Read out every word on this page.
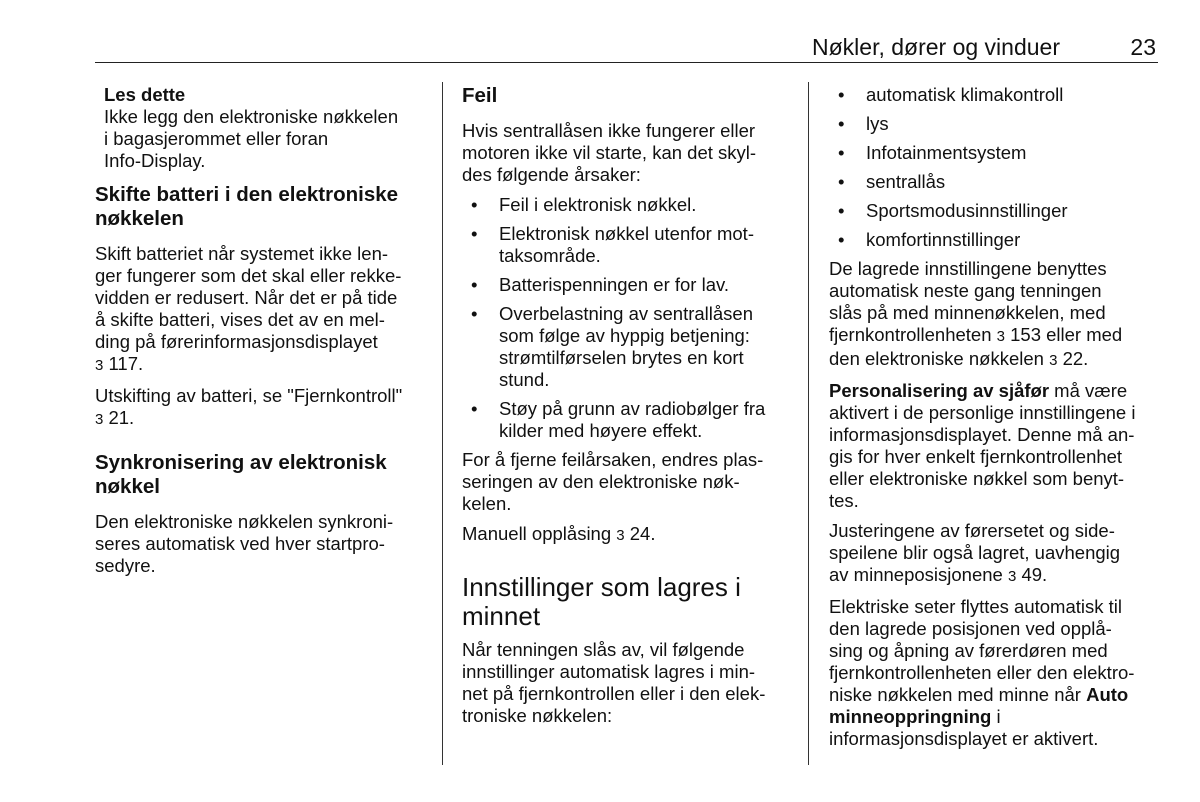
Nøkler, dører og vinduer	23
Les dette
Ikke legg den elektroniske nøkkelen
i bagasjerommet eller foran
Info-Display.
Skifte batteri i den elektroniske
nøkkelen

Skift batteriet når systemet ikke len-
ger fungerer som det skal eller rekke-
vidden er redusert. Når det er på tide
å skifte batteri, vises det av en mel-
ding på førerinformasjonsdisplayet
3 117.

Utskifting av batteri, se "Fjernkontroll"
3 21.

Synkronisering av elektronisk
nøkkel

Den elektroniske nøkkelen synkroni-
seres automatisk ved hver startpro-
sedyre.

Feil

Hvis sentrallåsen ikke fungerer eller
motoren ikke vil starte, kan det skyl-
des følgende årsaker:

• Feil i elektronisk nøkkel.
• Elektronisk nøkkel utenfor mot-
taksområde.
• Batterispenningen er for lav.
• Overbelastning av sentrallåsen
som følge av hyppig betjening:
strømtilførselen brytes en kort
stund.
• Støy på grunn av radiobølger fra
kilder med høyere effekt.

For å fjerne feilårsaken, endres plas-
seringen av den elektroniske nøk-
kelen.

Manuell opplåsing 3 24.

Innstillinger som lagres i
minnet

Når tenningen slås av, vil følgende
innstillinger automatisk lagres i min-
net på fjernkontrollen eller i den elek-
troniske nøkkelen:

• automatisk klimakontroll
• lys
• Infotainmentsystem
• sentrallås
• Sportsmodusinnstillinger
• komfortinnstillinger

De lagrede innstillingene benyttes
automatisk neste gang tenningen
slås på med minnenøkkelen, med
fjernkontrollenheten 3 153 eller med
den elektroniske nøkkelen 3 22.

Personalisering av sjåfør må være
aktivert i de personlige innstillingene i
informasjonsdisplayet. Denne må an-
gis for hver enkelt fjernkontrollenhet
eller elektroniske nøkkel som benyt-
tes.

Justeringene av førersetet og side-
speilene blir også lagret, uavhengig
av minneposisjonene 3 49.

Elektriske seter flyttes automatisk til
den lagrede posisjonen ved opplå-
sing og åpning av førerdøren med
fjernkontrollenheten eller den elektro-
niske nøkkelen med minne når Auto
minneoppringning i
informasjonsdisplayet er aktivert.
